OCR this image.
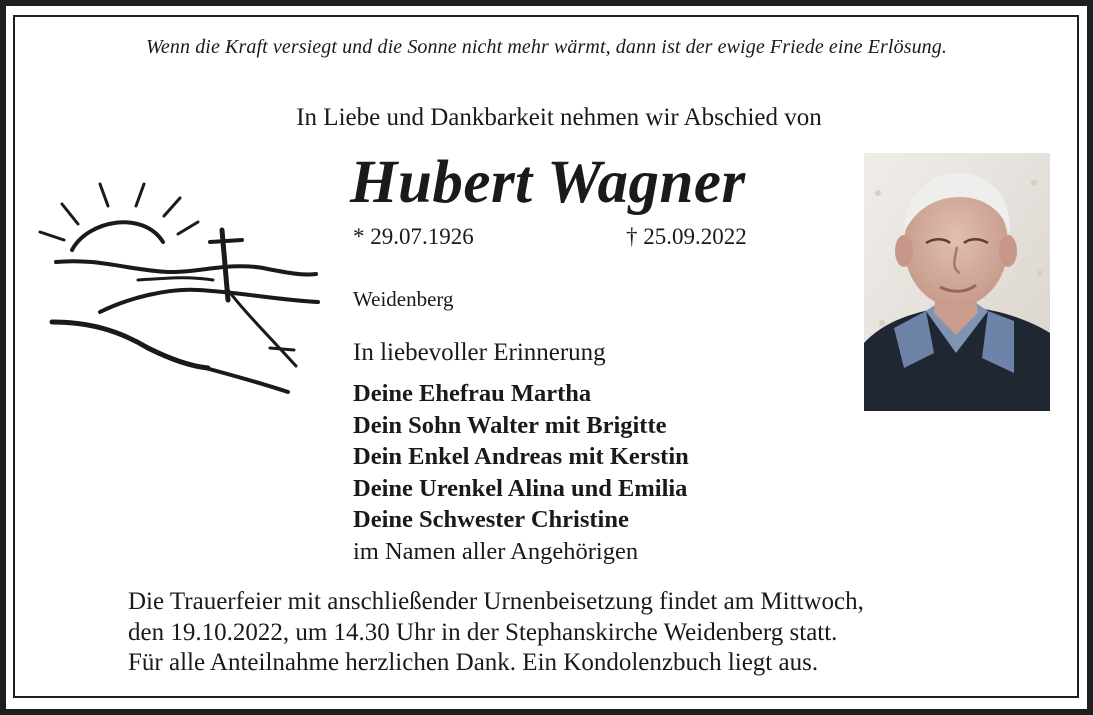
Wenn die Kraft versiegt und die Sonne nicht mehr wärmt, dann ist der ewige Friede eine Erlösung.
In Liebe und Dankbarkeit nehmen wir Abschied von
Hubert Wagner
* 29.07.1926	† 25.09.2022
Weidenberg
In liebevoller Erinnerung
Deine Ehefrau Martha
Dein Sohn Walter mit Brigitte
Dein Enkel Andreas mit Kerstin
Deine Urenkel Alina und Emilia
Deine Schwester Christine
im Namen aller Angehörigen
Die Trauerfeier mit anschließender Urnenbeisetzung findet am Mittwoch,
den 19.10.2022, um 14.30 Uhr in der Stephanskirche Weidenberg statt.
Für alle Anteilnahme herzlichen Dank. Ein Kondolenzbuch liegt aus.
